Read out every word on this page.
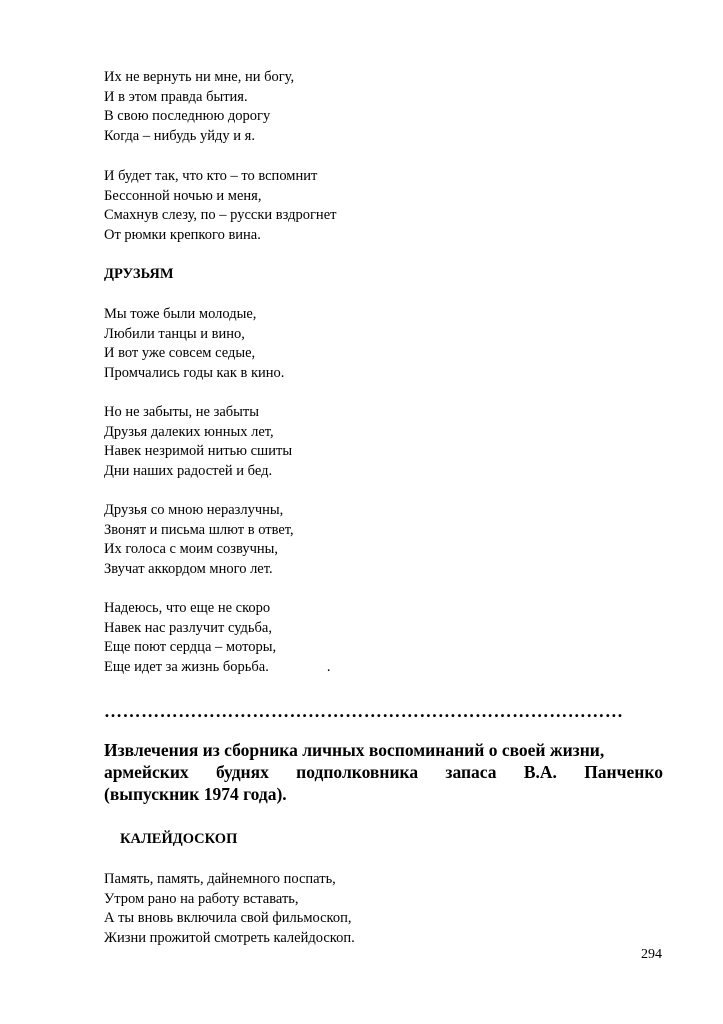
Их не вернуть ни мне, ни богу,
И в этом правда бытия.
В свою последнюю дорогу
Когда – нибудь уйду и я.
И будет так, что кто – то вспомнит
Бессонной ночью и меня,
Смахнув слезу, по – русски вздрогнет
От рюмки крепкого вина.
ДРУЗЬЯМ
Мы тоже были молодые,
Любили танцы и вино,
И вот уже совсем седые,
Промчались годы как в кино.
Но не забыты, не забыты
Друзья далеких юнных лет,
Навек незримой нитью сшиты
Дни наших радостей и бед.
Друзья со мною неразлучны,
Звонят и письма шлют в ответ,
Их голоса с моим созвучны,
Звучат аккордом много лет.
Надеюсь, что еще не скоро
Навек нас разлучит судьба,
Еще поют сердца – моторы,
Еще идет за жизнь борьба.	.
…………………………………………………………………………
Извлечения из сборника личных воспоминаний о своей жизни,
армейских буднях подполковника запаса В.А. Панченко
(выпускник 1974 года).
КАЛЕЙДОСКОП
Память, память, дайнемного поспать,
Утром рано на работу вставать,
А ты вновь включила свой фильмоскоп,
Жизни прожитой смотреть калейдоскоп.
294
